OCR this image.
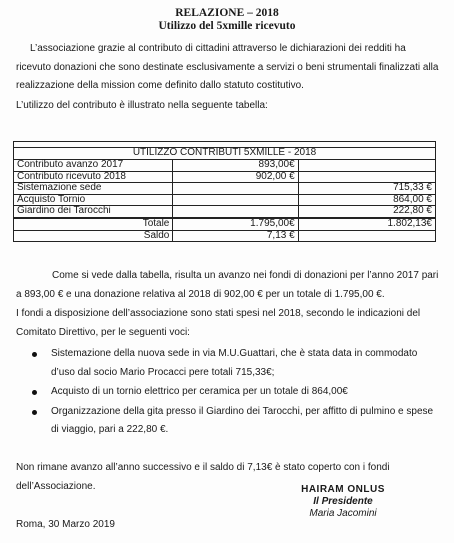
RELAZIONE – 2018
Utilizzo del 5xmille ricevuto
L’associazione grazie al contributo di cittadini attraverso le dichiarazioni dei redditi ha ricevuto donazioni che sono destinate esclusivamente a servizi o beni strumentali finalizzati alla realizzazione della mission come definito dallo statuto costitutivo.
L’utilizzo del contributo è illustrato nella seguente tabella:

UTILIZZO CONTRIBUTI 5XMILLE - 2018		
Contributo avanzo 2017	893,00€	
Contributo ricevuto 2018	902,00 €	
Sistemazione sede		715,33 €
Acquisto Tornio		864,00 €
Giardino dei Tarocchi		222,80 €
Totale	1.795,00€	1.802,13€
Saldo	7,13 €	
Come si vede dalla tabella, risulta un avanzo nei fondi di donazioni per l’anno 2017 pari a 893,00 € e una donazione relativa al 2018 di 902,00 € per un totale di 1.795,00 €.
I fondi a disposizione dell’associazione sono stati spesi nel 2018, secondo le indicazioni del Comitato Direttivo, per le seguenti voci:
Sistemazione della nuova sede in via M.U.Guattari, che è stata data in commodato d’uso dal socio Mario Procacci pere totali 715,33€;
Acquisto di un tornio elettrico per ceramica per un totale di 864,00€
Organizzazione della gita presso il Giardino dei Tarocchi, per affitto di pulmino e spese di viaggio, pari a 222,80 €.
Non rimane avanzo all’anno successivo e il saldo di 7,13€ è stato coperto con i fondi dell’Associazione.	HAIRAM ONLUS
Il Presidente
Maria Jacomini
Roma, 30 Marzo 2019
